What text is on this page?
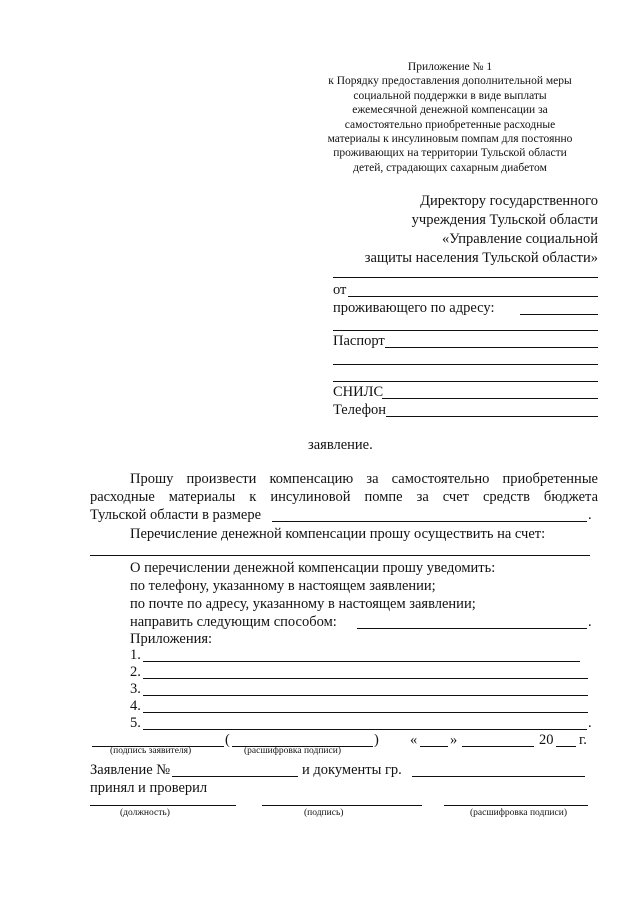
Приложение № 1
к Порядку предоставления дополнительной меры
социальной поддержки в виде выплаты
ежемесячной денежной компенсации за
самостоятельно приобретенные расходные
материалы к инсулиновым помпам для постоянно
проживающих на территории Тульской области
детей, страдающих сахарным диабетом
Директору государственного
учреждения Тульской области
«Управление социальной
защиты населения Тульской области»
от
проживающего по адресу:
Паспорт
СНИЛС
Телефон
заявление.
Прошу произвести компенсацию за самостоятельно приобретенные
расходные материалы к инсулиновой помпе за счет средств бюджета
Тульской области в размере	.
Перечисление денежной компенсации прошу осуществить на счет:
О перечислении денежной компенсации прошу уведомить:
по телефону, указанному в настоящем заявлении;
по почте по адресу, указанному в настоящем заявлении;
направить следующим способом:	.
Приложения:
1.
2.
3.
4.
5.	.
(	) « »	20 г.
(подпись заявителя)	(расшифровка подписи)
Заявление №	и документы гр.
принял и проверил
(должность)	(подпись)	(расшифровка подписи)
